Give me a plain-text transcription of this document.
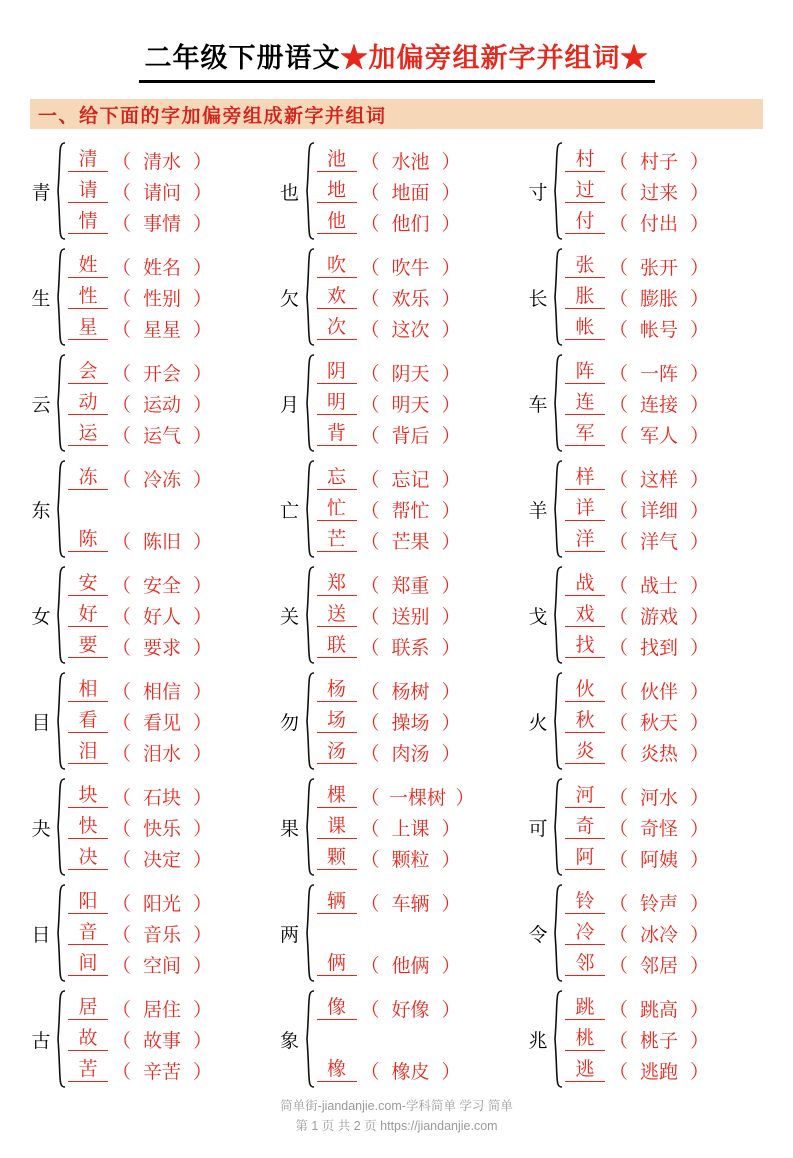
二年级下册语文★加偏旁组新字并组词★
一、给下面的字加偏旁组成新字并组词
青
清 （ 清水 ）
请 （ 请问 ）
情 （ 事情 ）
生
姓 （ 姓名 ）
性 （ 性别 ）
星 （ 星星 ）
云
会 （ 开会 ）
动 （ 运动 ）
运 （ 运气 ）
东
冻 （ 冷冻 ）
陈 （ 陈旧 ）
女
安 （ 安全 ）
好 （ 好人 ）
要 （ 要求 ）
目
相 （ 相信 ）
看 （ 看见 ）
泪 （ 泪水 ）
夬
块 （ 石块 ）
快 （ 快乐 ）
决 （ 决定 ）
日
阳 （ 阳光 ）
音 （ 音乐 ）
间 （ 空间 ）
古
居 （ 居住 ）
故 （ 故事 ）
苦 （ 辛苦 ）
也
池 （ 水池 ）
地 （ 地面 ）
他 （ 他们 ）
欠
吹 （ 吹牛 ）
欢 （ 欢乐 ）
次 （ 这次 ）
月
阴 （ 阴天 ）
明 （ 明天 ）
背 （ 背后 ）
亡
忘 （ 忘记 ）
忙 （ 帮忙 ）
芒 （ 芒果 ）
关
郑 （ 郑重 ）
送 （ 送别 ）
联 （ 联系 ）
勿
杨 （ 杨树 ）
场 （ 操场 ）
汤 （ 肉汤 ）
果
棵 （ 一棵树 ）
课 （ 上课 ）
颗 （ 颗粒 ）
两
辆 （ 车辆 ）
俩 （ 他俩 ）
象
像 （ 好像 ）
橡 （ 橡皮 ）
寸
村 （ 村子 ）
过 （ 过来 ）
付 （ 付出 ）
长
张 （ 张开 ）
胀 （ 膨胀 ）
帐 （ 帐号 ）
车
阵 （ 一阵 ）
连 （ 连接 ）
军 （ 军人 ）
羊
样 （ 这样 ）
详 （ 详细 ）
洋 （ 洋气 ）
戈
战 （ 战士 ）
戏 （ 游戏 ）
找 （ 找到 ）
火
伙 （ 伙伴 ）
秋 （ 秋天 ）
炎 （ 炎热 ）
可
河 （ 河水 ）
奇 （ 奇怪 ）
阿 （ 阿姨 ）
令
铃 （ 铃声 ）
冷 （ 冰冷 ）
邻 （ 邻居 ）
兆
跳 （ 跳高 ）
桃 （ 桃子 ）
逃 （ 逃跑 ）
简单街-jiandanjie.com-学科简单 学习 简单
第 1 页 共 2 页 https://jiandanjie.com
